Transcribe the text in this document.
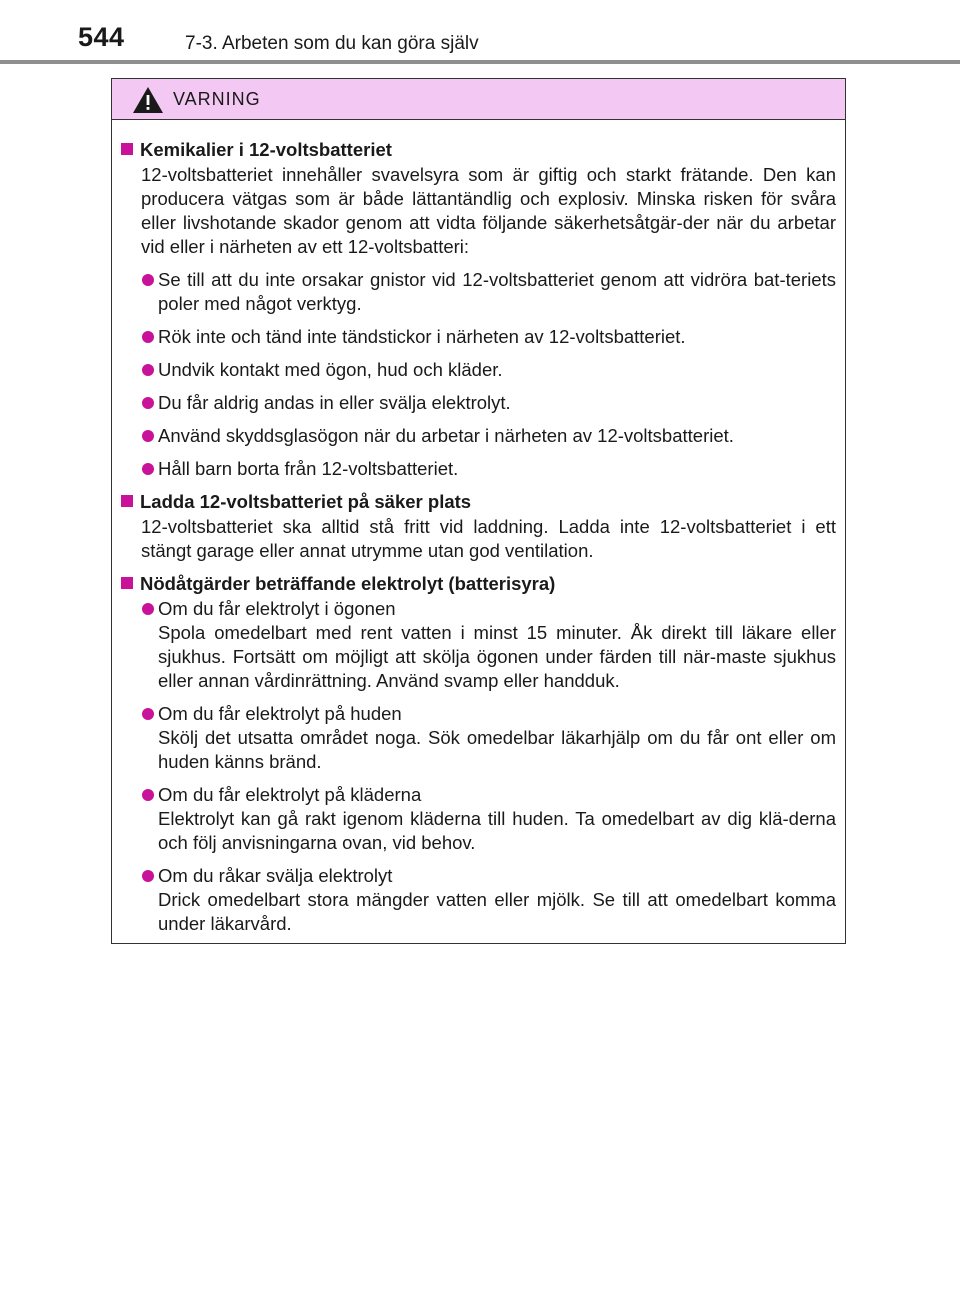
544	7-3. Arbeten som du kan göra själv
VARNING
Kemikalier i 12-voltsbatteriet
12-voltsbatteriet innehåller svavelsyra som är giftig och starkt frätande. Den kan producera vätgas som är både lättantändlig och explosiv. Minska risken för svåra eller livshotande skador genom att vidta följande säkerhetsåtgär-der när du arbetar vid eller i närheten av ett 12-voltsbatteri:
Se till att du inte orsakar gnistor vid 12-voltsbatteriet genom att vidröra bat-teriets poler med något verktyg.
Rök inte och tänd inte tändstickor i närheten av 12-voltsbatteriet.
Undvik kontakt med ögon, hud och kläder.
Du får aldrig andas in eller svälja elektrolyt.
Använd skyddsglasögon när du arbetar i närheten av 12-voltsbatteriet.
Håll barn borta från 12-voltsbatteriet.
Ladda 12-voltsbatteriet på säker plats
12-voltsbatteriet ska alltid stå fritt vid laddning. Ladda inte 12-voltsbatteriet i ett stängt garage eller annat utrymme utan god ventilation.
Nödåtgärder beträffande elektrolyt (batterisyra)
Om du får elektrolyt i ögonen
Spola omedelbart med rent vatten i minst 15 minuter. Åk direkt till läkare eller sjukhus. Fortsätt om möjligt att skölja ögonen under färden till när-maste sjukhus eller annan vårdinrättning. Använd svamp eller handduk.
Om du får elektrolyt på huden
Skölj det utsatta området noga. Sök omedelbar läkarhjälp om du får ont eller om huden känns bränd.
Om du får elektrolyt på kläderna
Elektrolyt kan gå rakt igenom kläderna till huden. Ta omedelbart av dig klä-derna och följ anvisningarna ovan, vid behov.
Om du råkar svälja elektrolyt
Drick omedelbart stora mängder vatten eller mjölk. Se till att omedelbart komma under läkarvård.
